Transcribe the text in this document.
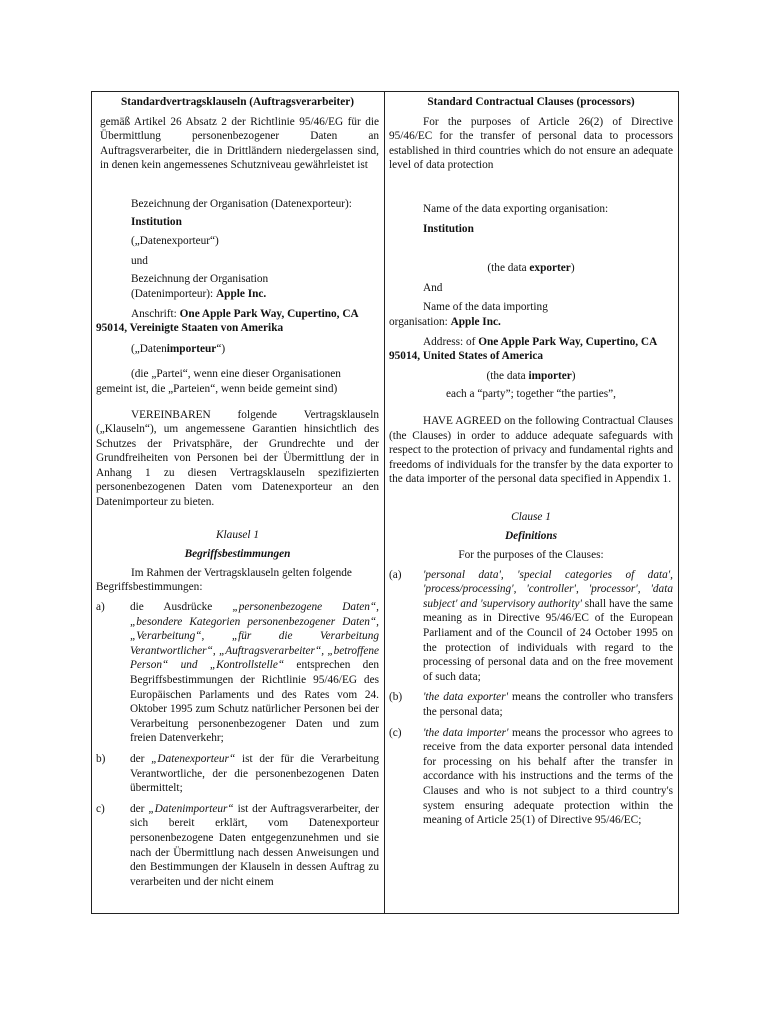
Standardvertragsklauseln (Auftragsverarbeiter)

gemäß Artikel 26 Absatz 2 der Richtlinie 95/46/EG für die Übermittlung personenbezogener Daten an Auftragsverarbeiter, die in Drittländern niedergelassen sind, in denen kein angemessenes Schutzniveau gewährleistet ist

Bezeichnung der Organisation (Datenexporteur):

Institution

(„Datenexporteur“)

und

Bezeichnung der Organisation (Datenimporteur): Apple Inc.

Anschrift: One Apple Park Way, Cupertino, CA 95014, Vereinigte Staaten von Amerika

(„Datenimporteur“)

(die „Partei“, wenn eine dieser Organisationen gemeint ist, die „Parteien“, wenn beide gemeint sind)

VEREINBAREN folgende Vertragsklauseln („Klauseln“), um angemessene Garantien hinsichtlich des Schutzes der Privatsphäre, der Grundrechte und der Grundfreiheiten von Personen bei der Übermittlung der in Anhang 1 zu diesen Vertragsklauseln spezifizierten personenbezogenen Daten vom Datenexporteur an den Datenimporteur zu bieten.

Klausel 1

Begriffsbestimmungen

Im Rahmen der Vertragsklauseln gelten folgende Begriffsbestimmungen:

a)	die Ausdrücke „personenbezogene Daten“, „besondere Kategorien personenbezogener Daten“, „Verarbeitung“, „für die Verarbeitung Verantwortlicher“, „Auftragsverarbeiter“, „betroffene Person“ und „Kontrollstelle“ entsprechen den Begriffsbestimmungen der Richtlinie 95/46/EG des Europäischen Parlaments und des Rates vom 24. Oktober 1995 zum Schutz natürlicher Personen bei der Verarbeitung personenbezogener Daten und zum freien Datenverkehr;

b)	der „Datenexporteur“ ist der für die Verarbeitung Verantwortliche, der die personenbezogenen Daten übermittelt;

c)	der „Datenimporteur“ ist der Auftragsverarbeiter, der sich bereit erklärt, vom Datenexporteur personenbezogene Daten entgegenzunehmen und sie nach der Übermittlung nach dessen Anweisungen und den Bestimmungen der Klauseln in dessen Auftrag zu verarbeiten und der nicht einem

Standard Contractual Clauses (processors)

For the purposes of Article 26(2) of Directive 95/46/EC for the transfer of personal data to processors established in third countries which do not ensure an adequate level of data protection

Name of the data exporting organisation:

Institution

(the data exporter)

And

Name of the data importing organisation: Apple Inc.

Address: of One Apple Park Way, Cupertino, CA 95014, United States of America

(the data importer)

each a “party”; together “the parties”,

HAVE AGREED on the following Contractual Clauses (the Clauses) in order to adduce adequate safeguards with respect to the protection of privacy and fundamental rights and freedoms of individuals for the transfer by the data exporter to the data importer of the personal data specified in Appendix 1.

Clause 1

Definitions

For the purposes of the Clauses:

(a)	'personal data', 'special categories of data', 'process/processing', 'controller', 'processor', 'data subject' and 'supervisory authority' shall have the same meaning as in Directive 95/46/EC of the European Parliament and of the Council of 24 October 1995 on the protection of individuals with regard to the processing of personal data and on the free movement of such data;

(b)	'the data exporter' means the controller who transfers the personal data;

(c)	'the data importer' means the processor who agrees to receive from the data exporter personal data intended for processing on his behalf after the transfer in accordance with his instructions and the terms of the Clauses and who is not subject to a third country's system ensuring adequate protection within the meaning of Article 25(1) of Directive 95/46/EC;
